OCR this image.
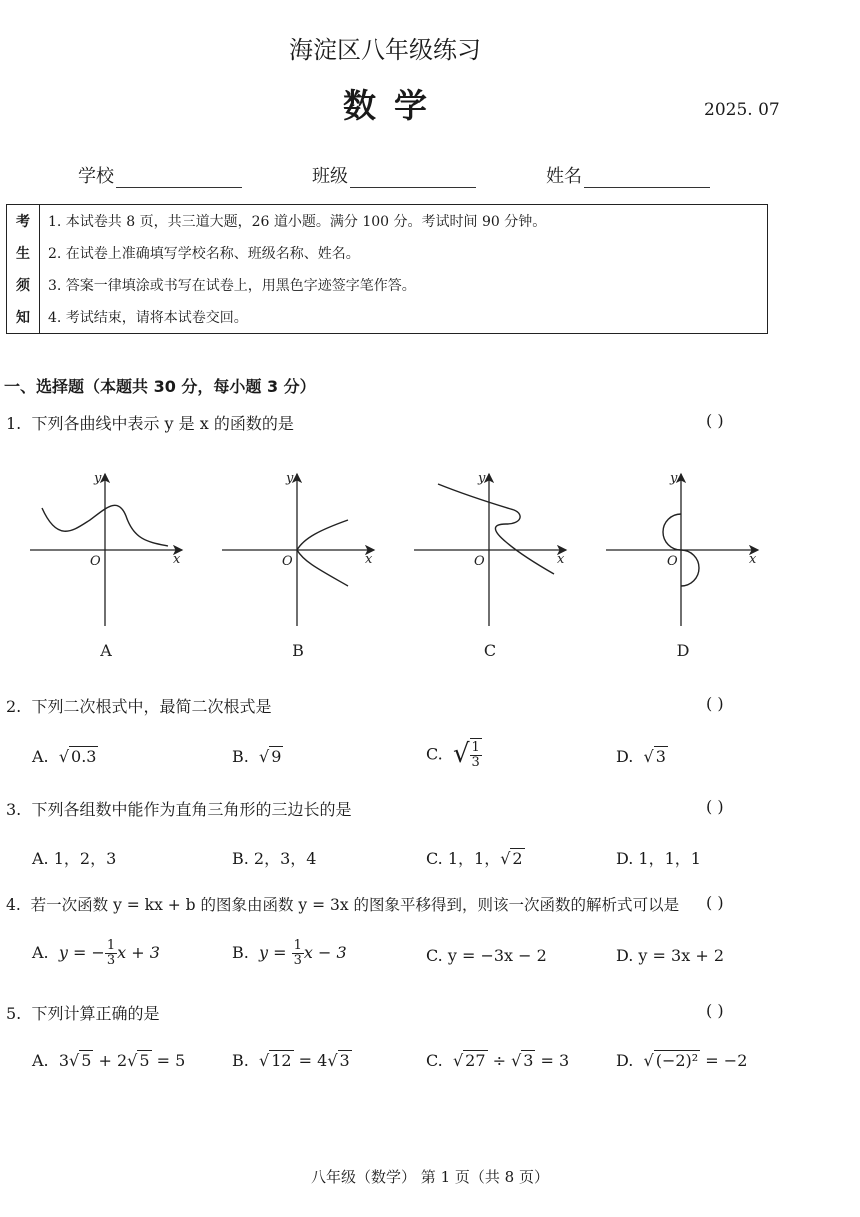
海淀区八年级练习
数学	2025. 07
学校	班级	姓名
考	1. 本试卷共 8 页，共三道大题，26 道小题。满分 100 分。考试时间 90 分钟。
生	2. 在试卷上准确填写学校名称、班级名称、姓名。
须	3. 答案一律填涂或书写在试卷上，用黑色字迹签字笔作答。
知	4. 考试结束，请将本试卷交回。
一、选择题（本题共 30 分，每小题 3 分）
1. 下列各曲线中表示 y 是 x 的函数的是	( )
y
x
O
y
x
O
y
x
O
y
x
O
A	B	C	D
2. 下列二次根式中，最简二次根式是	( )
A.  √ 0.3	B.  √ 9	C. √ $\frac{1}{3}$	D.  √ 3
3. 下列各组数中能作为直角三角形的三边长的是	( )
A. 1，2，3	B. 2，3，4	C. 1，1，√ 2	D. 1，1，1
4. 若一次函数 y = kx + b 的图象由函数 y = 3x 的图象平移得到，则该一次函数的解析式可以是 ( )
A. y = − $\frac{1}{3}$ x + 3	B. $y = \frac{1}{3}$ x − 3	C. y = −3x − 2	D. y = 3x + 2
5. 下列计算正确的是	( )
A. 3√ 5 + 2√ 5 = 5	B.  √ 12 = 4√ 3	C.  √ 27 ÷ √ 3 = 3	D.  √ (−2)² = −2
八年级（数学） 第 1 页（共 8 页）
